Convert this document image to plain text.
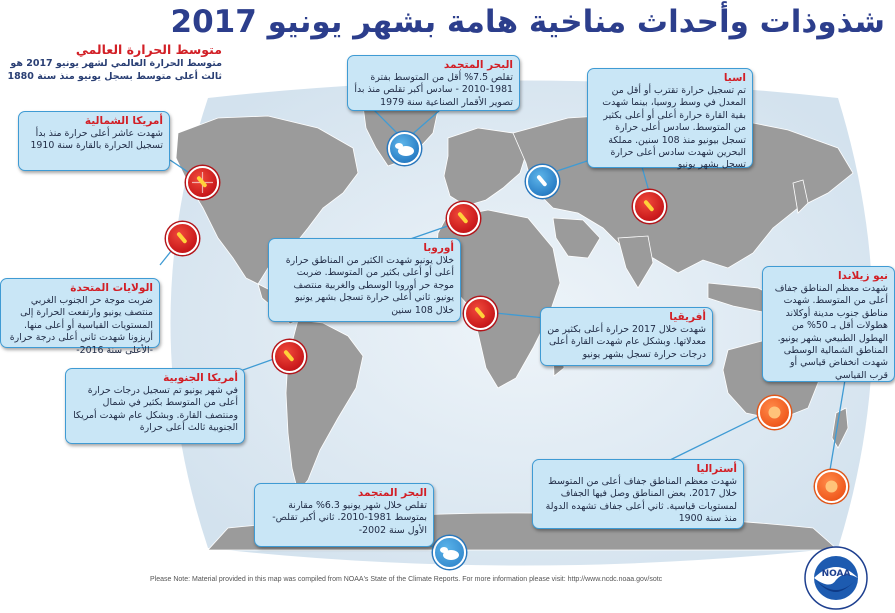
شذوذات وأحداث مناخية هامة بشهر يونيو 2017
متوسط الحرارة العالمي
متوسط الحرارة العالمي لشهر يونيو 2017 هو ثالث أعلى متوسط بسجل يونيو منذ سنة 1880
البحر المتجمد
تقلص 7.5% أقل من المتوسط بفترة 1981-2010 - سادس أكبر تقلص منذ بدأ تصوير الأقمار الصناعية سنة 1979
اسيا
تم تسجيل حرارة تقترب أو أقل من المعدل في وسط روسيا، بينما شهدت بقية القارة حرارة أعلى أو أعلى بكثير من المتوسط. سادس أعلى حرارة تسجل بيونيو منذ 108 سنين. مملكة البحرين شهدت سادس أعلى حرارة تسجل بشهر يونيو
أمريكا الشمالية
شهدت عاشر أعلى حرارة منذ بدأ تسجيل الحرارة بالقارة سنة 1910
أوروبا
خلال يونيو شهدت الكثير من المناطق حرارة أعلى أو أعلى بكثير من المتوسط. ضربت موجة حر أوروبا الوسطى والغربية منتصف يونيو. ثاني أعلى حرارة تسجل بشهر يونيو خلال 108 سنين
الولايات المتحدة
ضربت موجة حر الجنوب الغربي منتصف يونيو وارتفعت الحرارة إلى المستويات القياسية أو أعلى منها. أريزونا شهدت ثاني أعلى درجة حرارة -الأعلى سنة 2016-
نيو زيلاندا
شهدت معظم المناطق جفاف أعلى من المتوسط. شهدت مناطق جنوب مدينة أوكلاند هطولات أقل بـ 50% من الهطول الطبيعي بشهر يونيو. المناطق الشمالية الوسطى شهدت انخفاض قياسي أو قرب القياسي
أفريقيا
شهدت خلال 2017 حرارة أعلى بكثير من معدلاتها. وبشكل عام شهدت القارة أعلى درجات حرارة تسجل بشهر يونيو
أمريكا الجنوبية
في شهر يونيو تم تسجيل درجات حرارة أعلى من المتوسط بكثير في شمال ومنتصف القارة. وبشكل عام شهدت أمريكا الجنوبية ثالث أعلى حرارة
أستراليا
شهدت معظم المناطق جفاف أعلى من المتوسط خلال 2017. بعض المناطق وصل فيها الجفاف لمستويات قياسية. ثاني أعلى جفاف تشهده الدولة منذ سنة 1900
البحر المتجمد
تقلص خلال شهر يونيو 6.3% مقارنة بمتوسط 1981-2010. ثاني أكبر تقلص-الأول سنة 2002-
Please Note: Material provided in this map was compiled from NOAA's State of the Climate Reports. For more information please visit: http://www.ncdc.noaa.gov/sotc
NOAA
